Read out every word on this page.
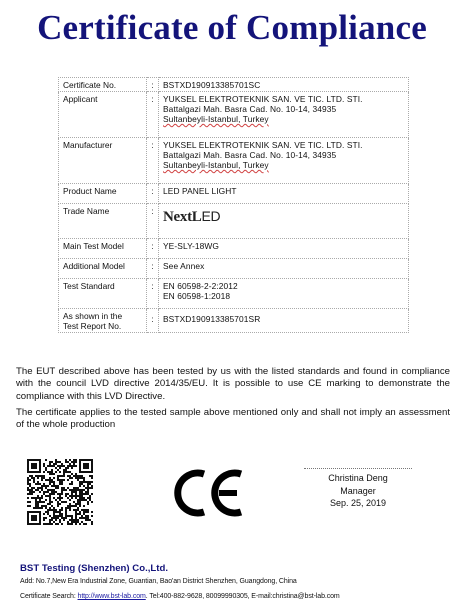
Certificate of Compliance
Certificate No.	:	BSTXD190913385701SC
Applicant	:	YUKSEL ELEKTROTEKNIK SAN. VE TIC. LTD. STI.
Battalgazi Mah. Basra Cad. No. 10-14, 34935
Sultanbeyli-Istanbul, Turkey

Manufacturer	:	YUKSEL ELEKTROTEKNIK SAN. VE TIC. LTD. STI.
Battalgazi Mah. Basra Cad. No. 10-14, 34935
Sultanbeyli-Istanbul, Turkey

Product Name	:	LED PANEL LIGHT
Trade Name	:	NextLED
Main Test Model	:	YE-SLY-18WG
Additional Model	:	See Annex
Test Standard	:	EN 60598-2-2:2012
EN 60598-1:2018

As shown in the
Test Report No.	:	BSTXD190913385701SR

The EUT described above has been tested by us with the listed standards and found in compliance with the council LVD directive 2014/35/EU. It is possible to use CE marking to demonstrate the compliance with this LVD Directive.

The certificate applies to the tested sample above mentioned only and shall not imply an assessment of the whole production

Christina Deng
Manager
Sep. 25, 2019
BST Testing (Shenzhen) Co.,Ltd.
Add: No.7,New Era Industrial Zone, Guantian, Bao'an District Shenzhen, Guangdong, China
Certificate Search: http://www.bst-lab.com. Tel:400-882-9628, 80099990305, E-mail:christina@bst-lab.com
